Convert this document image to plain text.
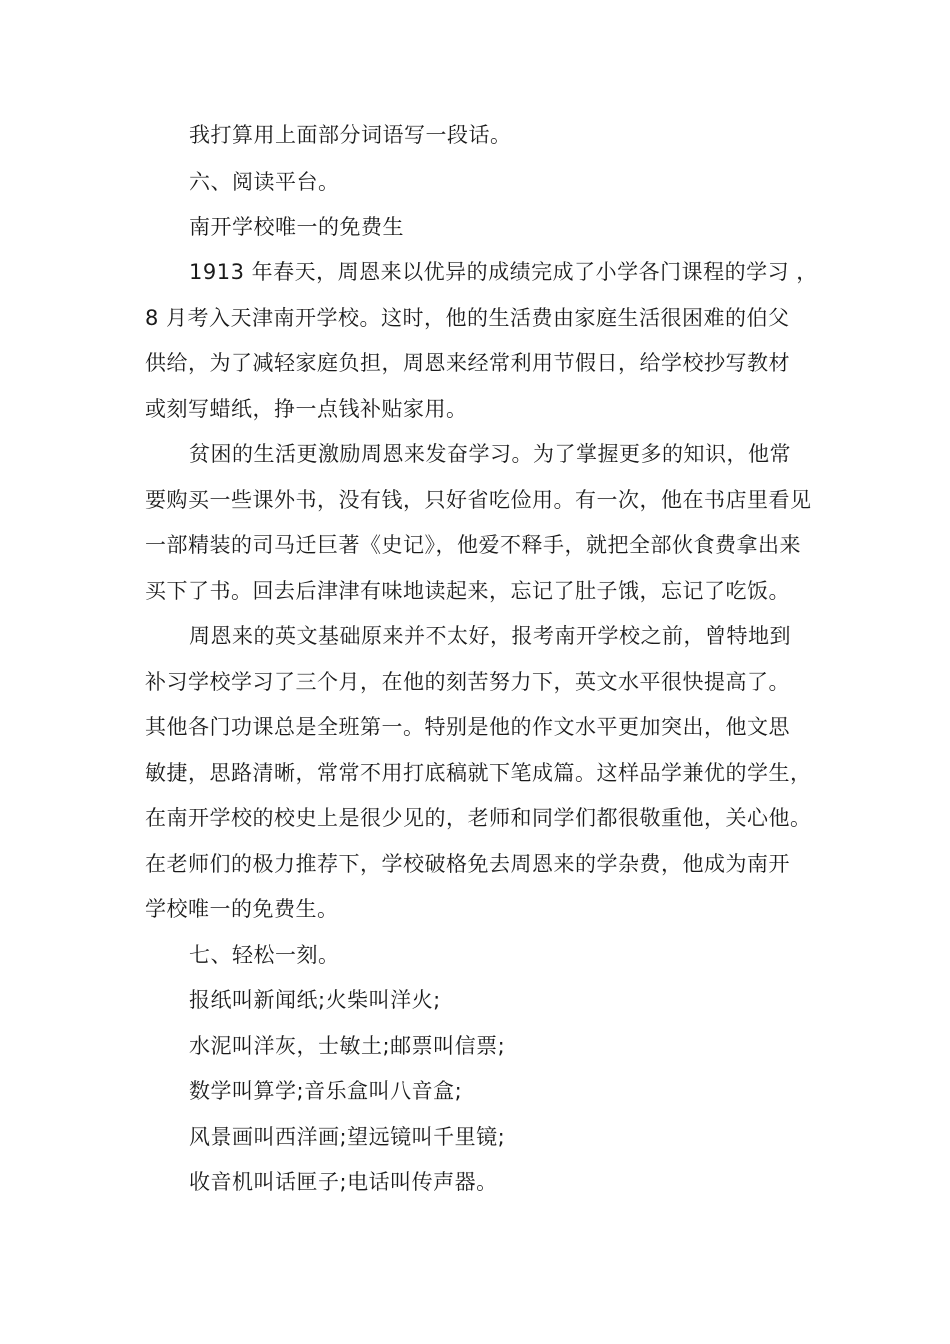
我打算用上面部分词语写一段话。
六、阅读平台。
南开学校唯一的免费生
1913 年春天，周恩来以优异的成绩完成了小学各门课程的学习 ，
8 月考入天津南开学校。这时，他的生活费由家庭生活很困难的伯父
供给，为了减轻家庭负担，周恩来经常利用节假日，给学校抄写教材
或刻写蜡纸，挣一点钱补贴家用。
贫困的生活更激励周恩来发奋学习。为了掌握更多的知识，他常
要购买一些课外书，没有钱，只好省吃俭用。有一次，他在书店里看见
一部精装的司马迁巨著《史记》，他爱不释手，就把全部伙食费拿出来
买下了书。回去后津津有味地读起来，忘记了肚子饿，忘记了吃饭。
周恩来的英文基础原来并不太好，报考南开学校之前，曾特地到
补习学校学习了三个月，在他的刻苦努力下，英文水平很快提高了。
其他各门功课总是全班第一。特别是他的作文水平更加突出，他文思
敏捷，思路清晰，常常不用打底稿就下笔成篇。这样品学兼优的学生，
在南开学校的校史上是很少见的，老师和同学们都很敬重他，关心他。
在老师们的极力推荐下，学校破格免去周恩来的学杂费，他成为南开
学校唯一的免费生。
七、轻松一刻。
报纸叫新闻纸;火柴叫洋火;
水泥叫洋灰，士敏土;邮票叫信票;
数学叫算学;音乐盒叫八音盒;
风景画叫西洋画;望远镜叫千里镜;
收音机叫话匣子;电话叫传声器。
